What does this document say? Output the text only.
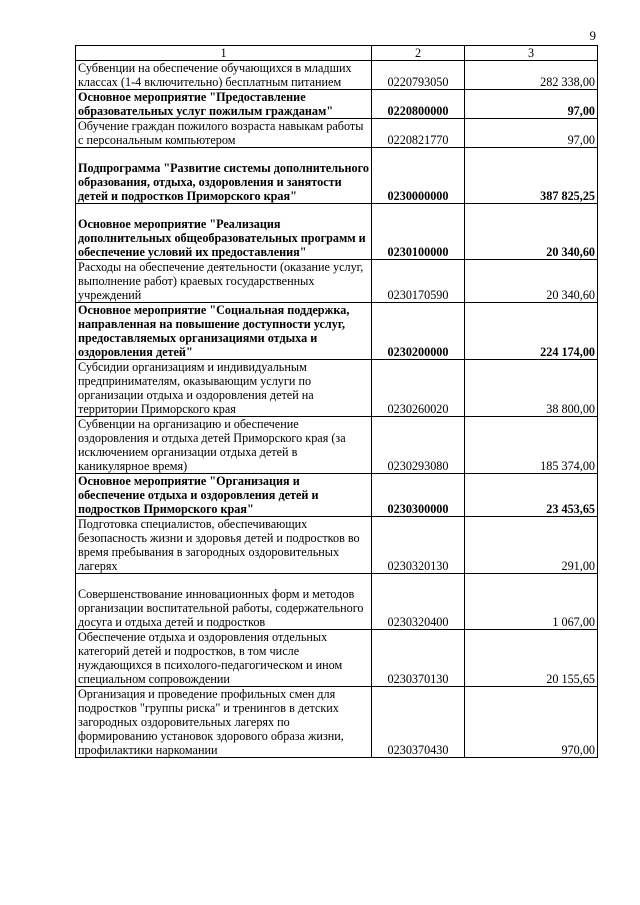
9
1	2	3
Субвенции на обеспечение обучающихся в младших классах (1-4 включительно) бесплатным питанием	0220793050	282 338,00
Основное мероприятие "Предоставление образовательных услуг пожилым гражданам"	0220800000	97,00
Обучение граждан пожилого возраста навыкам работы с персональным компьютером	0220821770	97,00
Подпрограмма "Развитие системы дополнительного образования, отдыха, оздоровления и занятости детей и подростков Приморского края"	0230000000	387 825,25
Основное мероприятие "Реализация дополнительных общеобразовательных программ и обеспечение условий их предоставления"	0230100000	20 340,60
Расходы на обеспечение деятельности (оказание услуг, выполнение работ) краевых государственных учреждений	0230170590	20 340,60
Основное мероприятие "Социальная поддержка, направленная на повышение доступности услуг, предоставляемых организациями отдыха и оздоровления детей"	0230200000	224 174,00
Субсидии организациям и индивидуальным предпринимателям, оказывающим услуги по организации отдыха и оздоровления детей на территории Приморского края	0230260020	38 800,00
Субвенции на организацию и обеспечение оздоровления и отдыха детей Приморского края (за исключением организации отдыха детей в каникулярное время)	0230293080	185 374,00
Основное мероприятие "Организация и обеспечение отдыха и оздоровления детей и подростков Приморского края"	0230300000	23 453,65
Подготовка специалистов, обеспечивающих безопасность жизни и здоровья детей и подростков во время пребывания в загородных оздоровительных лагерях	0230320130	291,00
Совершенствование инновационных форм и методов организации воспитательной работы, содержательного досуга и отдыха детей и подростков	0230320400	1 067,00
Обеспечение отдыха и оздоровления отдельных категорий детей и подростков, в том числе нуждающихся в психолого-педагогическом и ином специальном сопровождении	0230370130	20 155,65
Организация и проведение профильных смен для подростков "группы риска" и тренингов в детских загородных оздоровительных лагерях по формированию установок здорового образа жизни, профилактики наркомании	0230370430	970,00
